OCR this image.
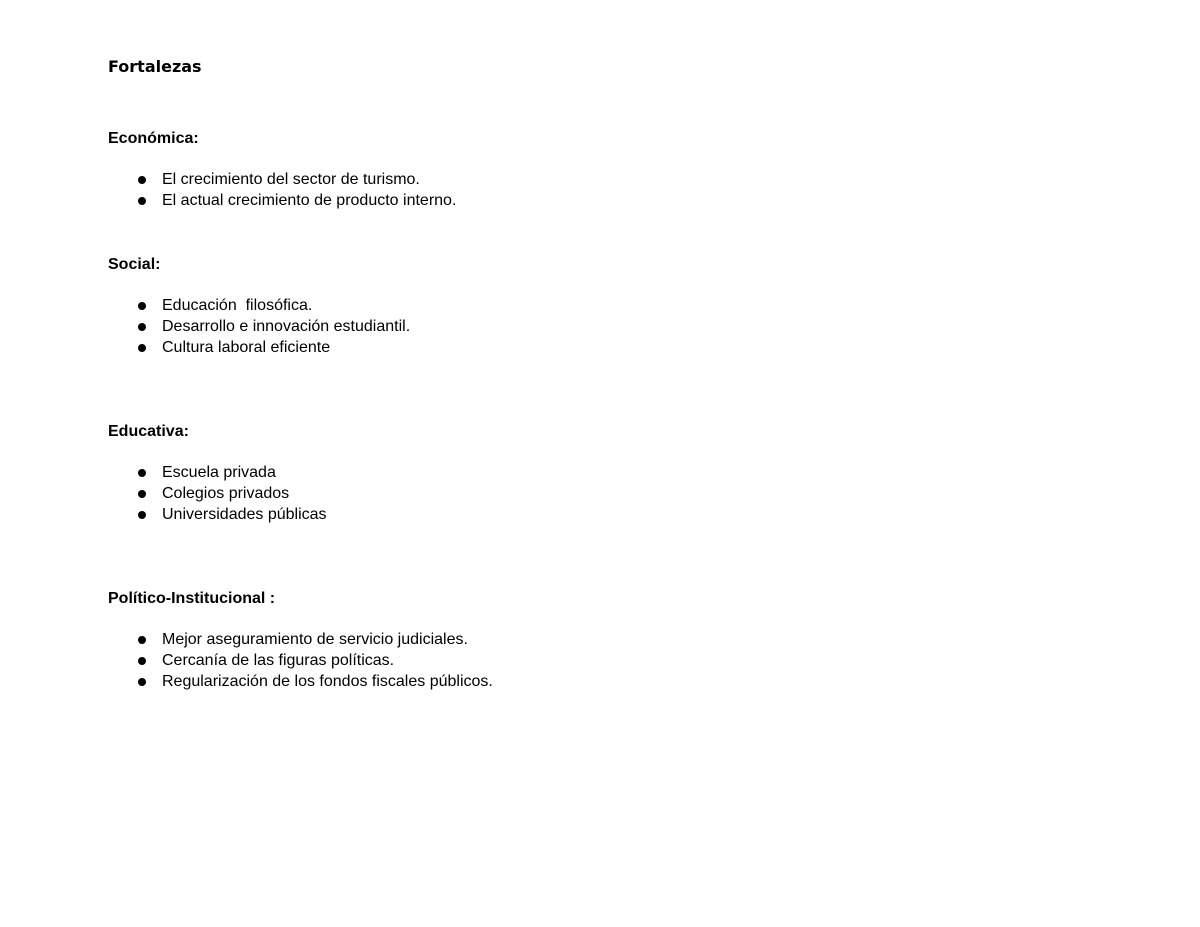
Fortalezas
Económica:
El crecimiento del sector de turismo.
El actual crecimiento de producto interno.
Social:
Educación  filosófica.
Desarrollo e innovación estudiantil.
Cultura laboral eficiente
Educativa:
Escuela privada
Colegios privados
Universidades públicas
Político-Institucional :
Mejor aseguramiento de servicio judiciales.
Cercanía de las figuras políticas.
Regularización de los fondos fiscales públicos.
